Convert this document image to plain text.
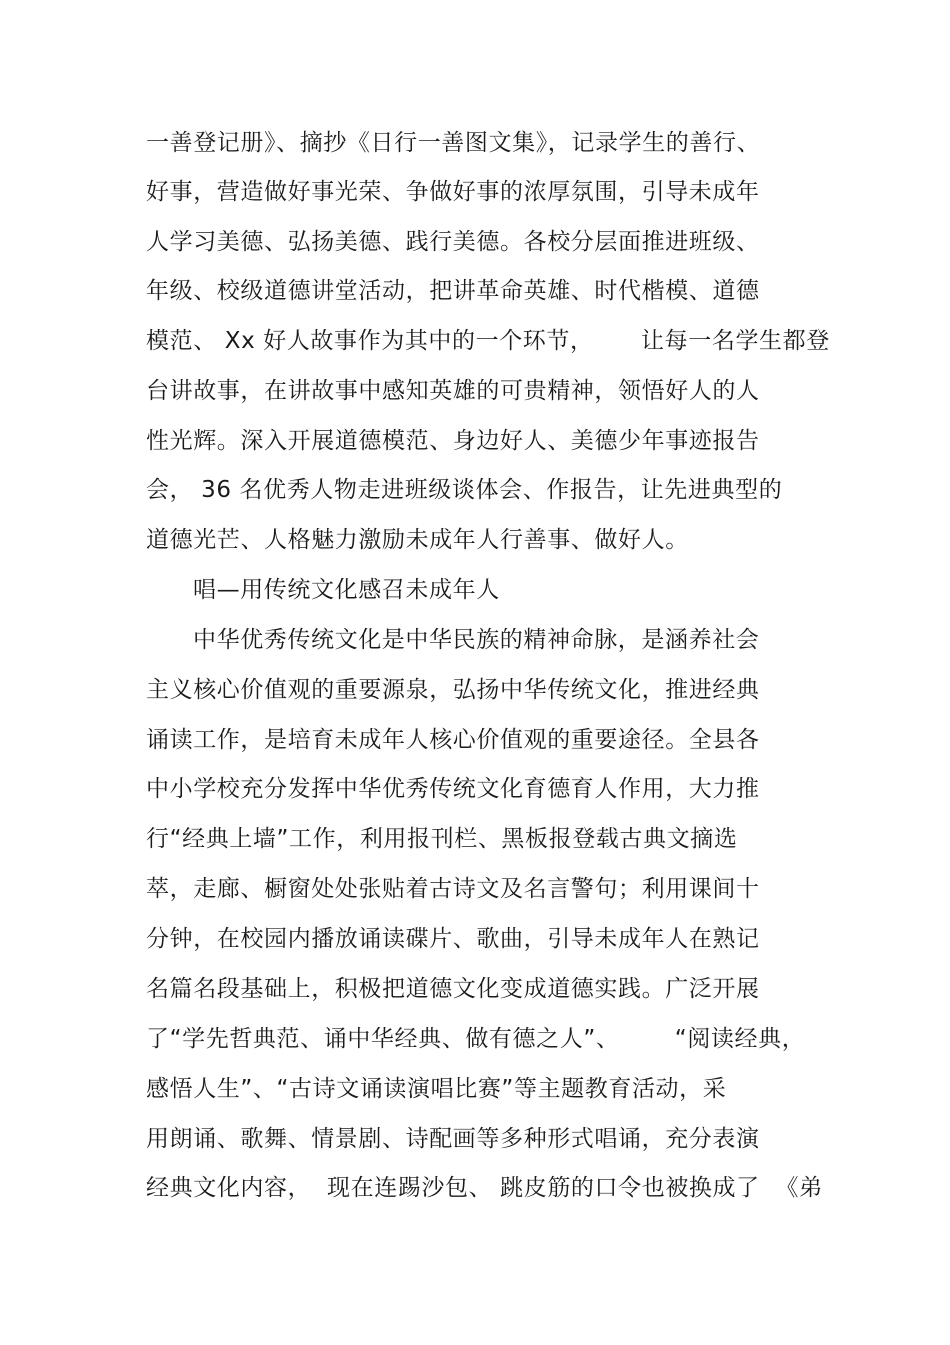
一善登记册》、摘抄《日行一善图文集》，记录学生的善行、
好事，营造做好事光荣、争做好事的浓厚氛围，引导未成年
人学习美德、弘扬美德、践行美德。各校分层面推进班级、
年级、校级道德讲堂活动，把讲革命英雄、时代楷模、道德
模范、 Xx 好人故事作为其中的一个环节，      让每一名学生都登
台讲故事，在讲故事中感知英雄的可贵精神，领悟好人的人
性光辉。深入开展道德模范、身边好人、美德少年事迹报告
会， 36 名优秀人物走进班级谈体会、作报告，让先进典型的
道德光芒、人格魅力激励未成年人行善事、做好人。
唱—用传统文化感召未成年人
中华优秀传统文化是中华民族的精神命脉，是涵养社会
主义核心价值观的重要源泉，弘扬中华传统文化，推进经典
诵读工作，是培育未成年人核心价值观的重要途径。全县各
中小学校充分发挥中华优秀传统文化育德育人作用，大力推
行“经典上墙”工作，利用报刊栏、黑板报登载古典文摘选
萃，走廊、橱窗处处张贴着古诗文及名言警句；利用课间十
分钟，在校园内播放诵读碟片、歌曲，引导未成年人在熟记
名篇名段基础上，积极把道德文化变成道德实践。广泛开展
了“学先哲典范、诵中华经典、做有德之人”、       “阅读经典，
感悟人生”、“古诗文诵读演唱比赛”等主题教育活动，采
用朗诵、歌舞、情景剧、诗配画等多种形式唱诵，充分表演
经典文化内容，  现在连踢沙包、 跳皮筋的口令也被换成了  《弟
